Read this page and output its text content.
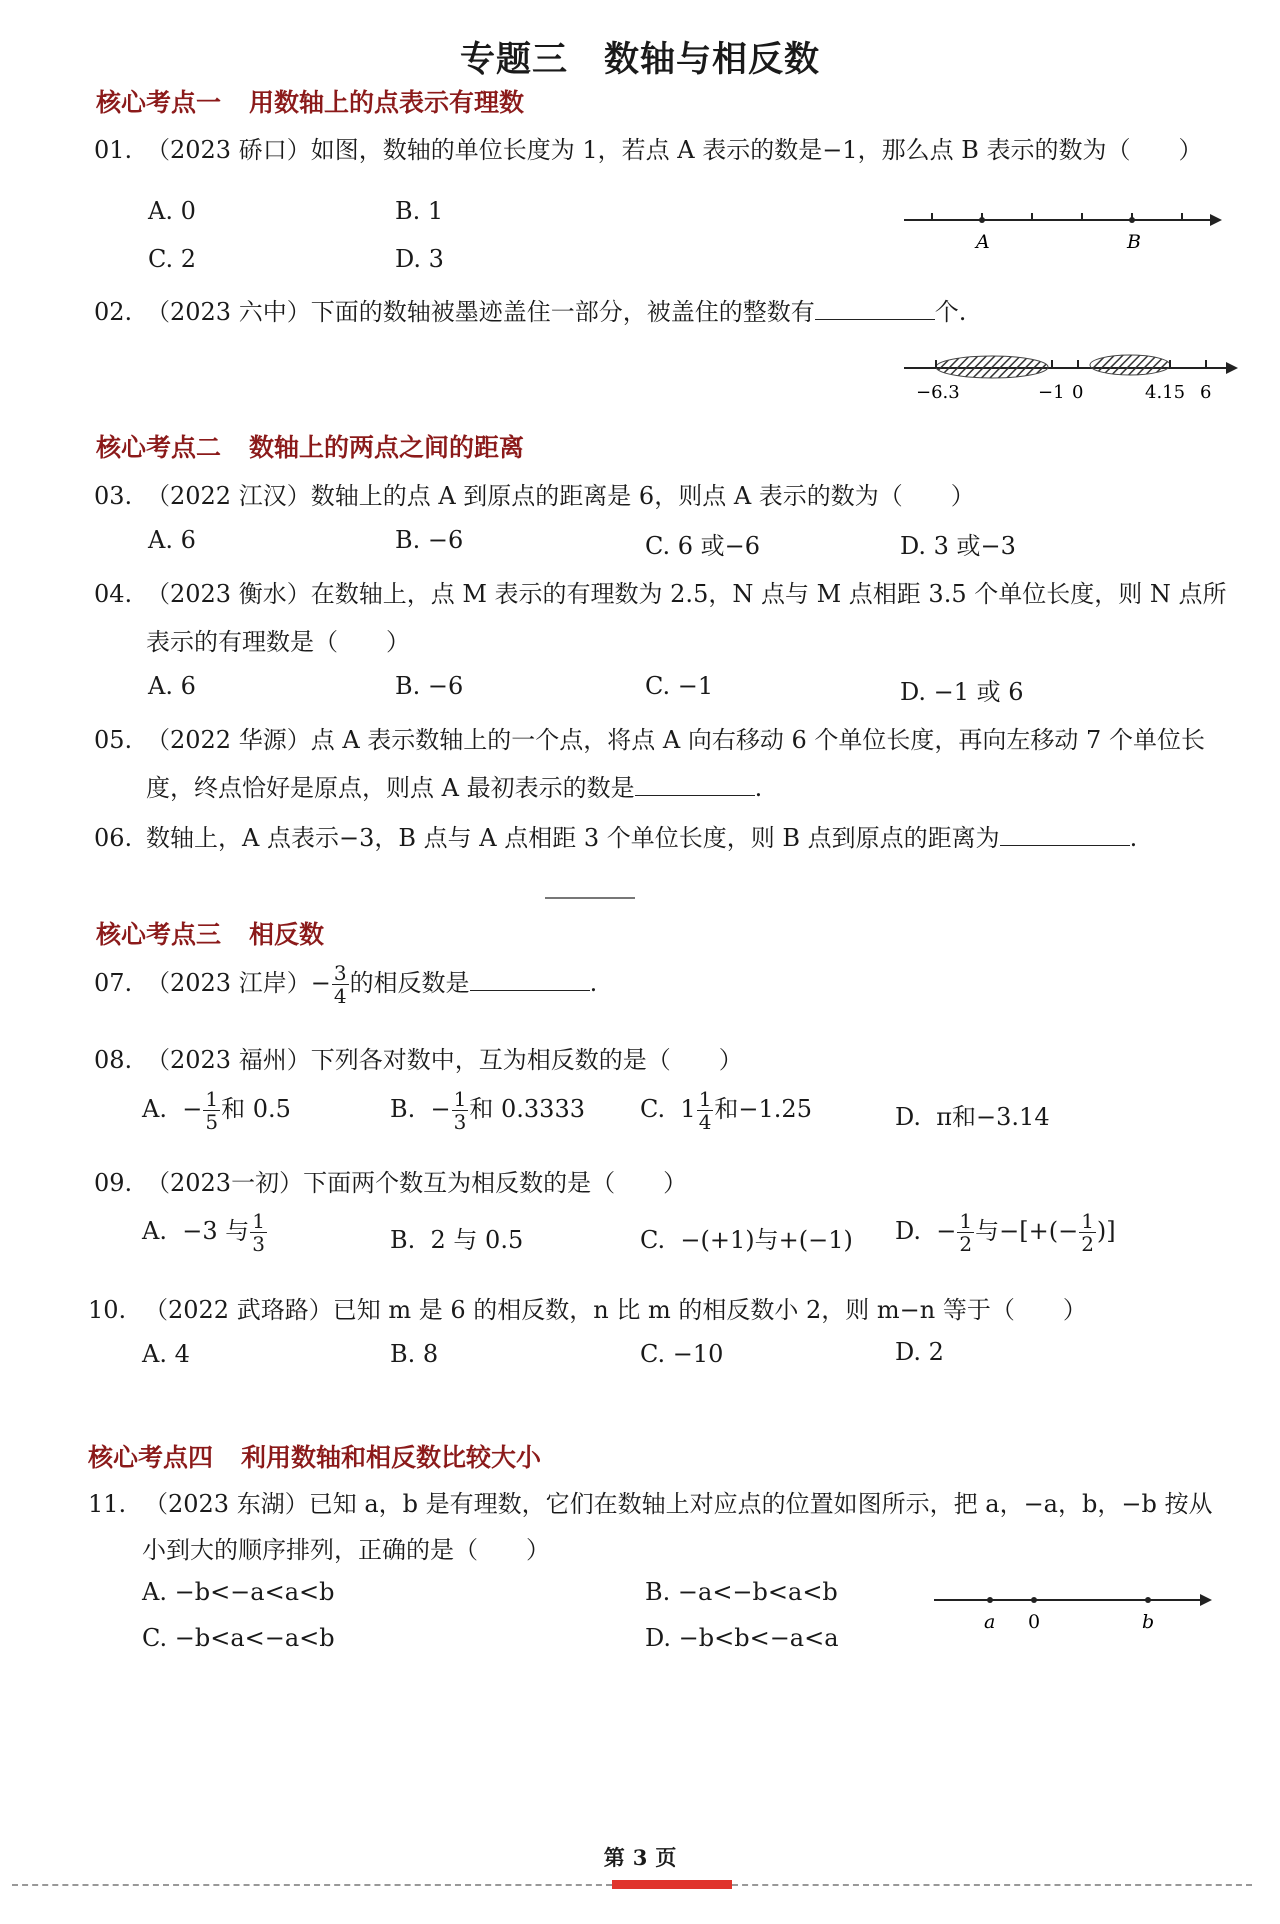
专题三 数轴与相反数
核心考点一 用数轴上的点表示有理数
01. （2023 硚口）如图，数轴的单位长度为 1，若点 A 表示的数是−1，那么点 B 表示的数为（　　）
A. 0	B. 1
C. 2	D. 3
A	B
02. （2023 六中）下面的数轴被墨迹盖住一部分，被盖住的整数有	个.
−6.3	−1 0	4.15 6
核心考点二 数轴上的两点之间的距离
03. （2022 江汉）数轴上的点 A 到原点的距离是 6，则点 A 表示的数为（　　）
A. 6	B. −6	C. 6 或−6	D. 3 或−3
04. （2023 衡水）在数轴上，点 M 表示的有理数为 2.5，N 点与 M 点相距 3.5 个单位长度，则 N 点所
表示的有理数是（　　）
A. 6	B. −6	C. −1	D. −1 或 6
05. （2022 华源）点 A 表示数轴上的一个点，将点 A 向右移动 6 个单位长度，再向左移动 7 个单位长
度，终点恰好是原点，则点 A 最初表示的数是	.
06. 数轴上，A 点表示−3，B 点与 A 点相距 3 个单位长度，则 B 点到原点的距离为	.
核心考点三 相反数
07. （2023 江岸）− $\frac{3}{4}$ 的相反数是	.
08. （2023 福州）下列各对数中，互为相反数的是（　　）
A. − $\frac{1}{5}$ 和 0.5	B. − $\frac{1}{3}$ 和 0.3333 C. $1 \frac{1}{4}$ 和−1.25	D. π和−3.14
09. （2023一初）下面两个数互为相反数的是（　　）
A. −3 与 $\frac{1}{3}$	B. 2 与 0.5	C. −(+1)与+(−1) D. − $\frac{1}{2}$ 与−[+(− $\frac{1}{2}$ )]
10. （2022 武珞路）已知 m 是 6 的相反数，n 比 m 的相反数小 2，则 m−n 等于（　　）
A. 4	B. 8	C. −10	D. 2
核心考点四 利用数轴和相反数比较大小
11. （2023 东湖）已知 a，b 是有理数，它们在数轴上对应点的位置如图所示，把 a，−a，b，−b 按从
小到大的顺序排列，正确的是（　　）
A. −b<−a<a<b	B. −a<−b<a<b
C. −b<a<−a<b	D. −b<b<−a<a
a 0	b
第 3 页
